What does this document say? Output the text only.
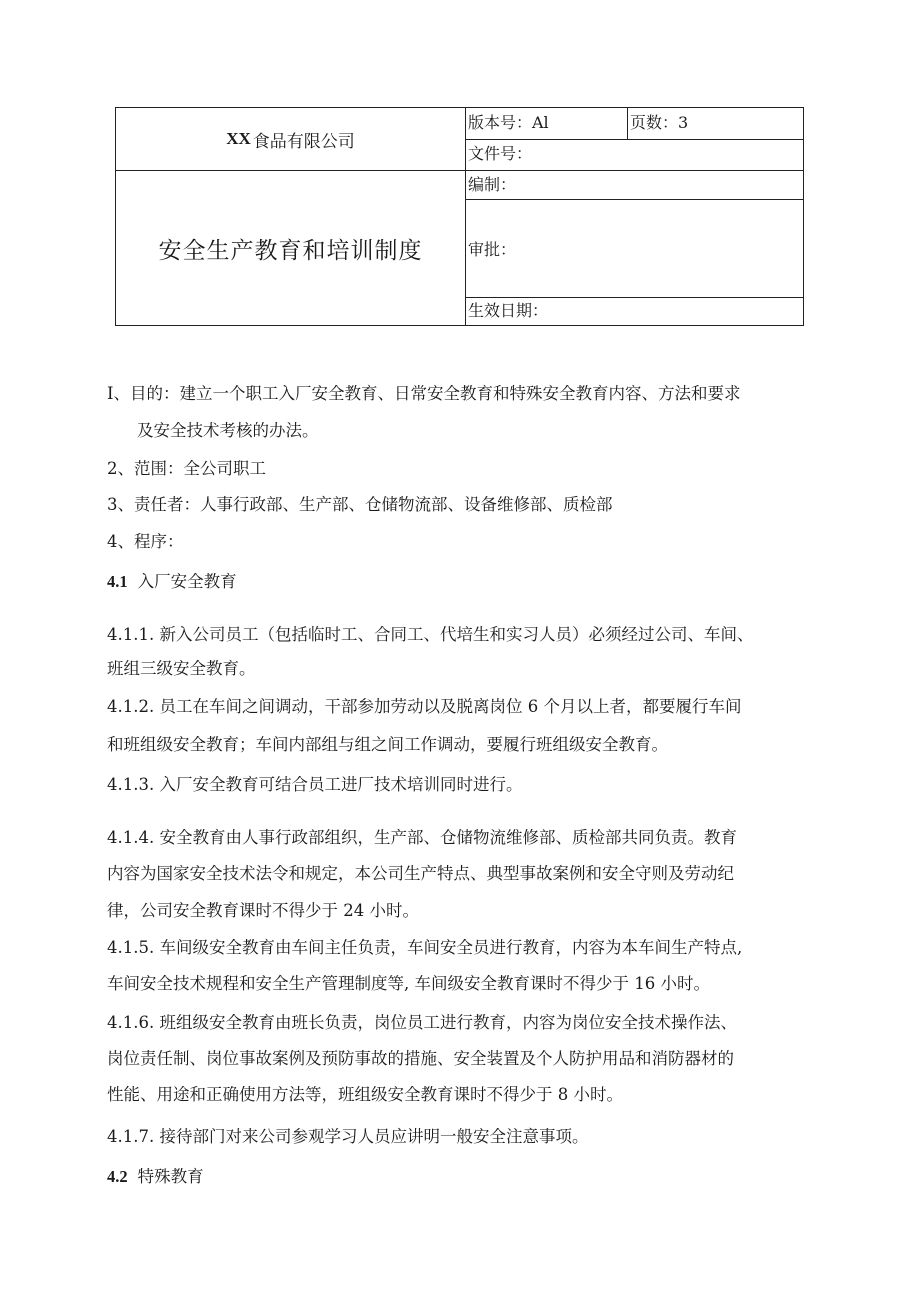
XX 食品有限公司
安全生产教育和培训制度
版本号：Al	页数：3
文件号：
编制：
审批：
生效日期：
I、目的：建立一个职工入厂安全教育、日常安全教育和特殊安全教育内容、方法和要求
及安全技术考核的办法。
2、范围：全公司职工
3、责任者：人事行政部、生产部、仓储物流部、设备维修部、质检部
4、程序：
4.1 入厂安全教育
4.1.1. 新入公司员工（包括临时工、合同工、代培生和实习人员）必须经过公司、车间、
班组三级安全教育。
4.1.2. 员工在车间之间调动，干部参加劳动以及脱离岗位 6 个月以上者，都要履行车间
和班组级安全教育；车间内部组与组之间工作调动，要履行班组级安全教育。
4.1.3. 入厂安全教育可结合员工进厂技术培训同时进行。
4.1.4. 安全教育由人事行政部组织，生产部、仓储物流维修部、质检部共同负责。教育
内容为国家安全技术法令和规定，本公司生产特点、典型事故案例和安全守则及劳动纪
律，公司安全教育课时不得少于 24 小时。
4.1.5. 车间级安全教育由车间主任负责，车间安全员进行教育，内容为本车间生产特点,
车间安全技术规程和安全生产管理制度等, 车间级安全教育课时不得少于 16 小时。
4.1.6. 班组级安全教育由班长负责，岗位员工进行教育，内容为岗位安全技术操作法、
岗位责任制、岗位事故案例及预防事故的措施、安全装置及个人防护用品和消防器材的
性能、用途和正确使用方法等，班组级安全教育课时不得少于 8 小时。
4.1.7. 接待部门对来公司参观学习人员应讲明一般安全注意事项。
4.2 特殊教育
